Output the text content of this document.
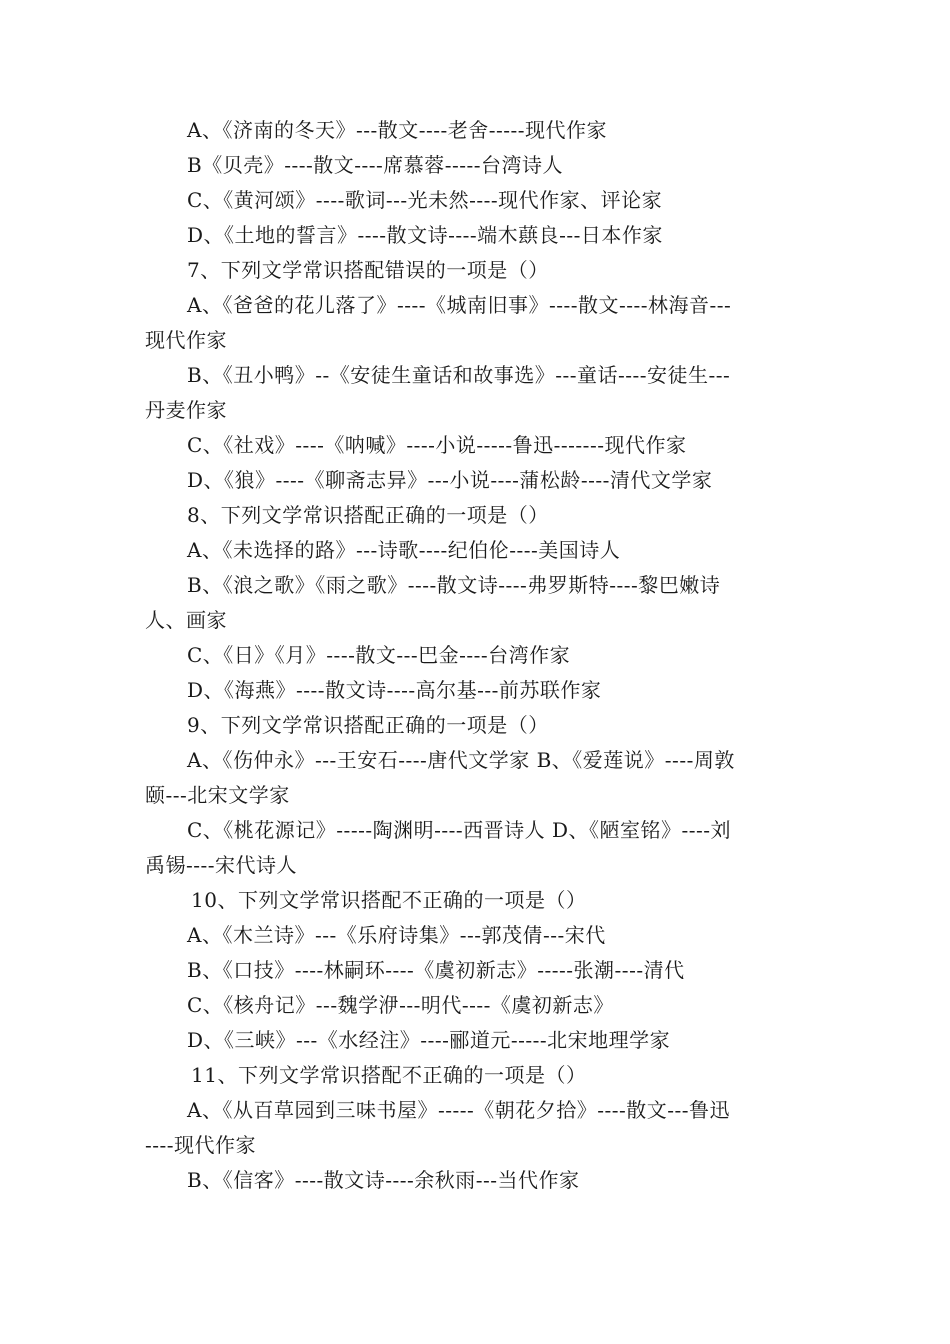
A、《济南的冬天》---散文----老舍-----现代作家

B《贝壳》----散文----席慕蓉-----台湾诗人

C、《黄河颂》----歌词---光未然----现代作家、评论家

D、《土地的誓言》----散文诗----端木蕻良---日本作家

7、下列文学常识搭配错误的一项是（）

A、《爸爸的花儿落了》----《城南旧事》----散文----林海音---

现代作家

B、《丑小鸭》--《安徒生童话和故事选》---童话----安徒生---

丹麦作家

C、《社戏》----《呐喊》----小说-----鲁迅-------现代作家

D、《狼》----《聊斋志异》---小说----蒲松龄----清代文学家

8、下列文学常识搭配正确的一项是（）

A、《未选择的路》---诗歌----纪伯伦----美国诗人

B、《浪之歌》《雨之歌》----散文诗----弗罗斯特----黎巴嫩诗

人、画家

C、《日》《月》----散文---巴金----台湾作家

D、《海燕》----散文诗----高尔基---前苏联作家

9、下列文学常识搭配正确的一项是（）

A、《伤仲永》---王安石----唐代文学家 B、《爱莲说》----周敦

颐---北宋文学家

C、《桃花源记》-----陶渊明----西晋诗人 D、《陋室铭》----刘

禹锡----宋代诗人

10、下列文学常识搭配不正确的一项是（）

A、《木兰诗》---《乐府诗集》---郭茂倩---宋代

B、《口技》----林嗣环----《虞初新志》-----张潮----清代

C、《核舟记》---魏学洢---明代----《虞初新志》

D、《三峡》---《水经注》----郦道元-----北宋地理学家

11、下列文学常识搭配不正确的一项是（）

A、《从百草园到三味书屋》-----《朝花夕拾》----散文---鲁迅

----现代作家

B、《信客》----散文诗----余秋雨---当代作家
